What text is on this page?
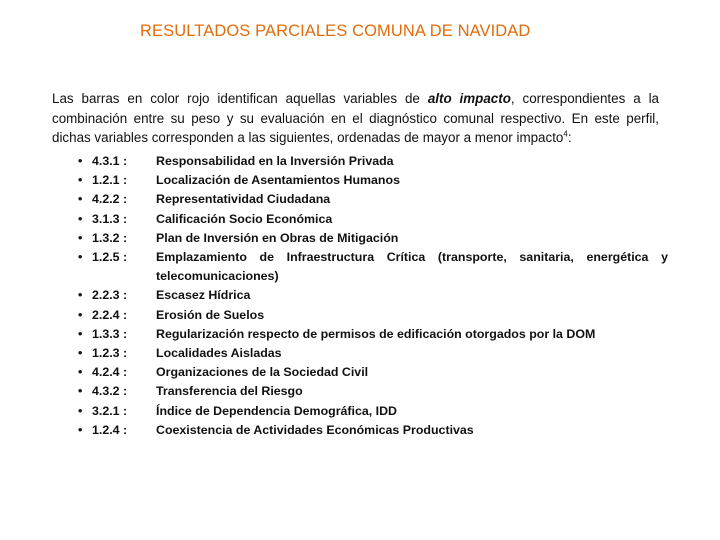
RESULTADOS PARCIALES COMUNA DE NAVIDAD

Las barras en color rojo identifican aquellas variables de alto impacto, correspondientes a la combinación entre su peso y su evaluación en el diagnóstico comunal respectivo. En este perfil, dichas variables corresponden a las siguientes, ordenadas de mayor a menor impacto$^4$:

• 4.3.1 :	Responsabilidad en la Inversión Privada
• 1.2.1 :	Localización de Asentamientos Humanos
• 4.2.2 :	Representatividad Ciudadana
• 3.1.3 :	Calificación Socio Económica
• 1.3.2 :	Plan de Inversión en Obras de Mitigación
• 1.2.5 :	Emplazamiento de Infraestructura Crítica (transporte, sanitaria, energética y telecomunicaciones)
• 2.2.3 :	Escasez Hídrica
• 2.2.4 :	Erosión de Suelos
• 1.3.3 :	Regularización respecto de permisos de edificación otorgados por la DOM
• 1.2.3 :	Localidades Aisladas
• 4.2.4 :	Organizaciones de la Sociedad Civil
• 4.3.2 :	Transferencia del Riesgo
• 3.2.1 :	Índice de Dependencia Demográfica, IDD
• 1.2.4 :	Coexistencia de Actividades Económicas Productivas
